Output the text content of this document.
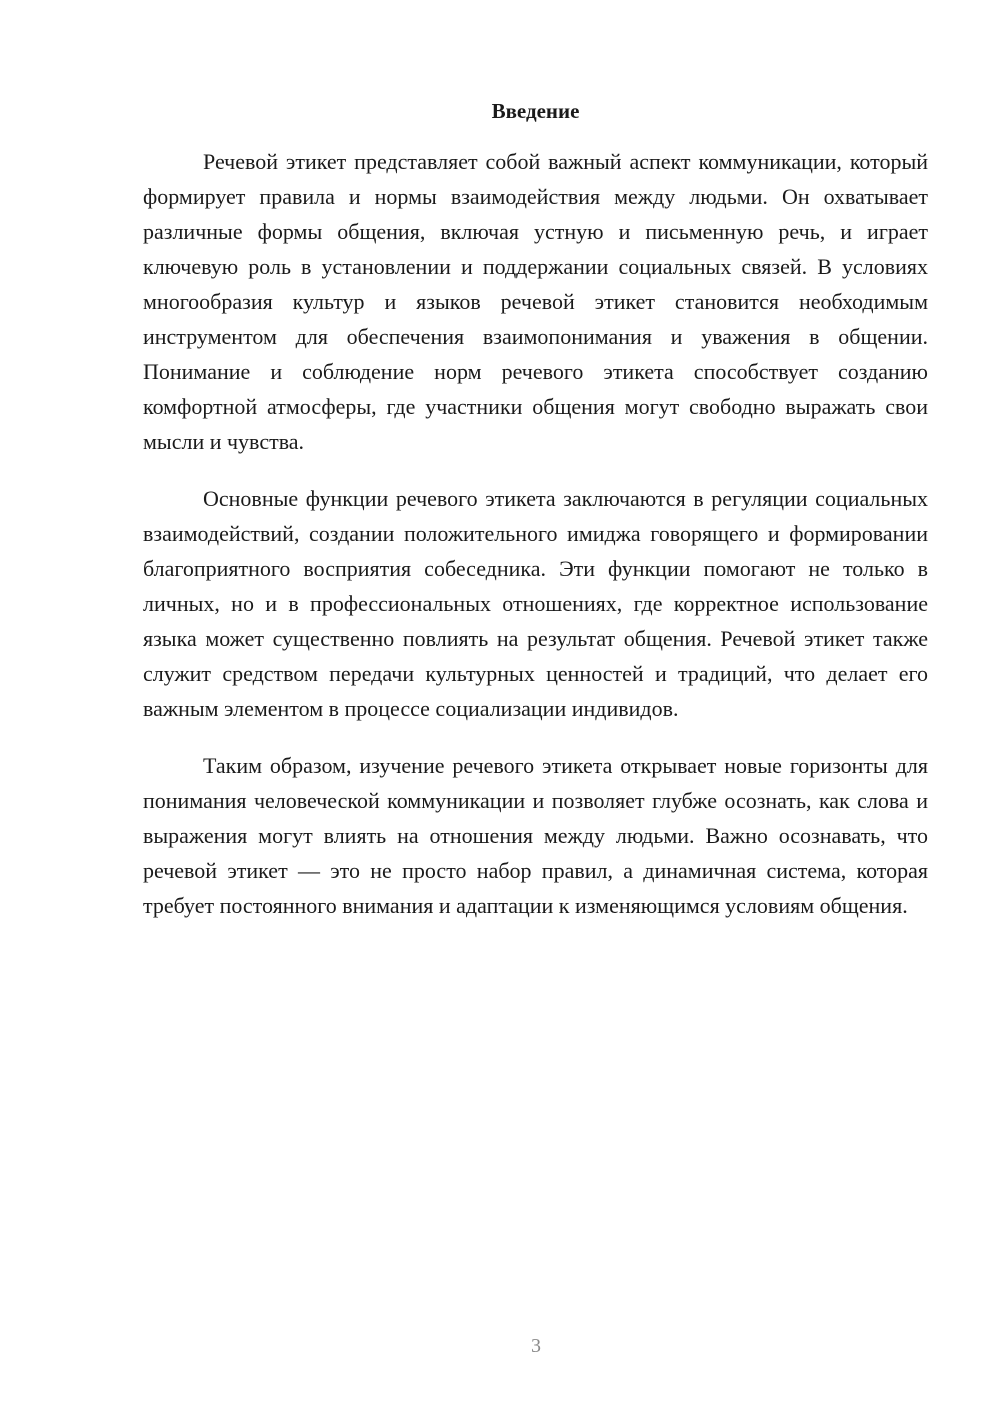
Введение

Речевой этикет представляет собой важный аспект коммуникации, который формирует правила и нормы взаимодействия между людьми. Он охватывает различные формы общения, включая устную и письменную речь, и играет ключевую роль в установлении и поддержании социальных связей. В условиях многообразия культур и языков речевой этикет становится необходимым инструментом для обеспечения взаимопонимания и уважения в общении. Понимание и соблюдение норм речевого этикета способствует созданию комфортной атмосферы, где участники общения могут свободно выражать свои мысли и чувства.

Основные функции речевого этикета заключаются в регуляции социальных взаимодействий, создании положительного имиджа говорящего и формировании благоприятного восприятия собеседника. Эти функции помогают не только в личных, но и в профессиональных отношениях, где корректное использование языка может существенно повлиять на результат общения. Речевой этикет также служит средством передачи культурных ценностей и традиций, что делает его важным элементом в процессе социализации индивидов.

Таким образом, изучение речевого этикета открывает новые горизонты для понимания человеческой коммуникации и позволяет глубже осознать, как слова и выражения могут влиять на отношения между людьми. Важно осознавать, что речевой этикет — это не просто набор правил, а динамичная система, которая требует постоянного внимания и адаптации к изменяющимся условиям общения.

3
